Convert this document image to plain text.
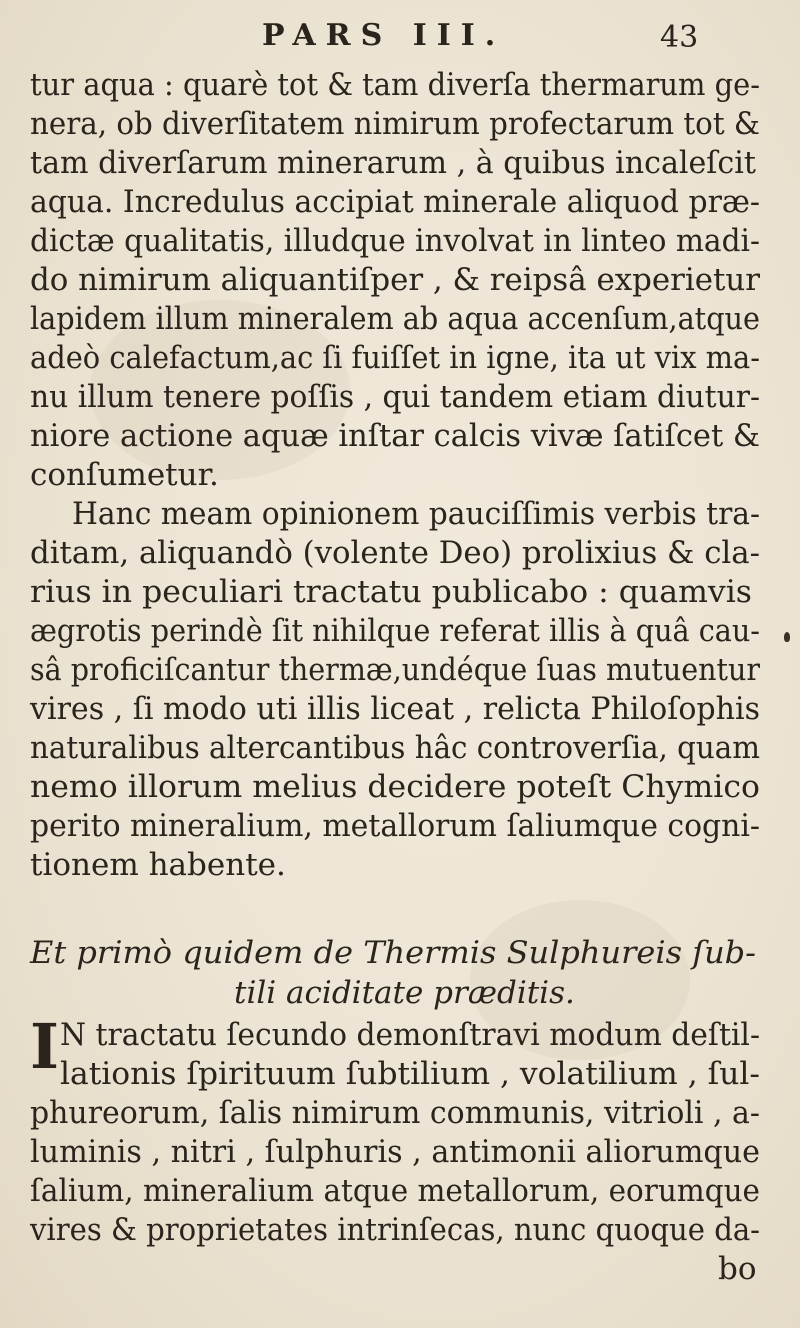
PARS III.	43
tur aqua : quarè tot & tam diverſa thermarum ge-
nera, ob diverſitatem nimirum profectarum tot &
tam diverſarum minerarum , à quibus incaleſcit
aqua. Incredulus accipiat minerale aliquod præ-
dictæ qualitatis, illudque involvat in linteo madi-
do nimirum aliquantiſper , & reipsâ experietur
lapidem illum mineralem ab aqua accenſum,atque
adeò calefactum,ac ſi fuiſſet in igne, ita ut vix ma-
nu illum tenere poſſis , qui tandem etiam diutur-
niore actione aquæ inſtar calcis vivæ ſatiſcet &
conſumetur.
Hanc meam opinionem pauciſſimis verbis tra-
ditam, aliquandò (volente Deo) prolixius & cla-
rius in peculiari tractatu publicabo : quamvis
ægrotis perindè ſit nihilque referat illis à quâ cau-
sâ proficiſcantur thermæ,undéque ſuas mutuentur
vires , ſi modo uti illis liceat , relicta Philoſophis
naturalibus altercantibus hâc controverſia, quam
nemo illorum melius decidere poteſt Chymico
perito mineralium, metallorum ſaliumque cogni-
tionem habente.
Et primò quidem de Thermis Sulphureis ſub-
tili aciditate præditis.
I N tractatu ſecundo demonſtravi modum deſtil-
lationis ſpirituum ſubtilium , volatilium , ſul-
phureorum, ſalis nimirum communis, vitrioli , a-
luminis , nitri , ſulphuris , antimonii aliorumque
ſalium, mineralium atque metallorum, eorumque
vires & proprietates intrinſecas, nunc quoque da-
bo
